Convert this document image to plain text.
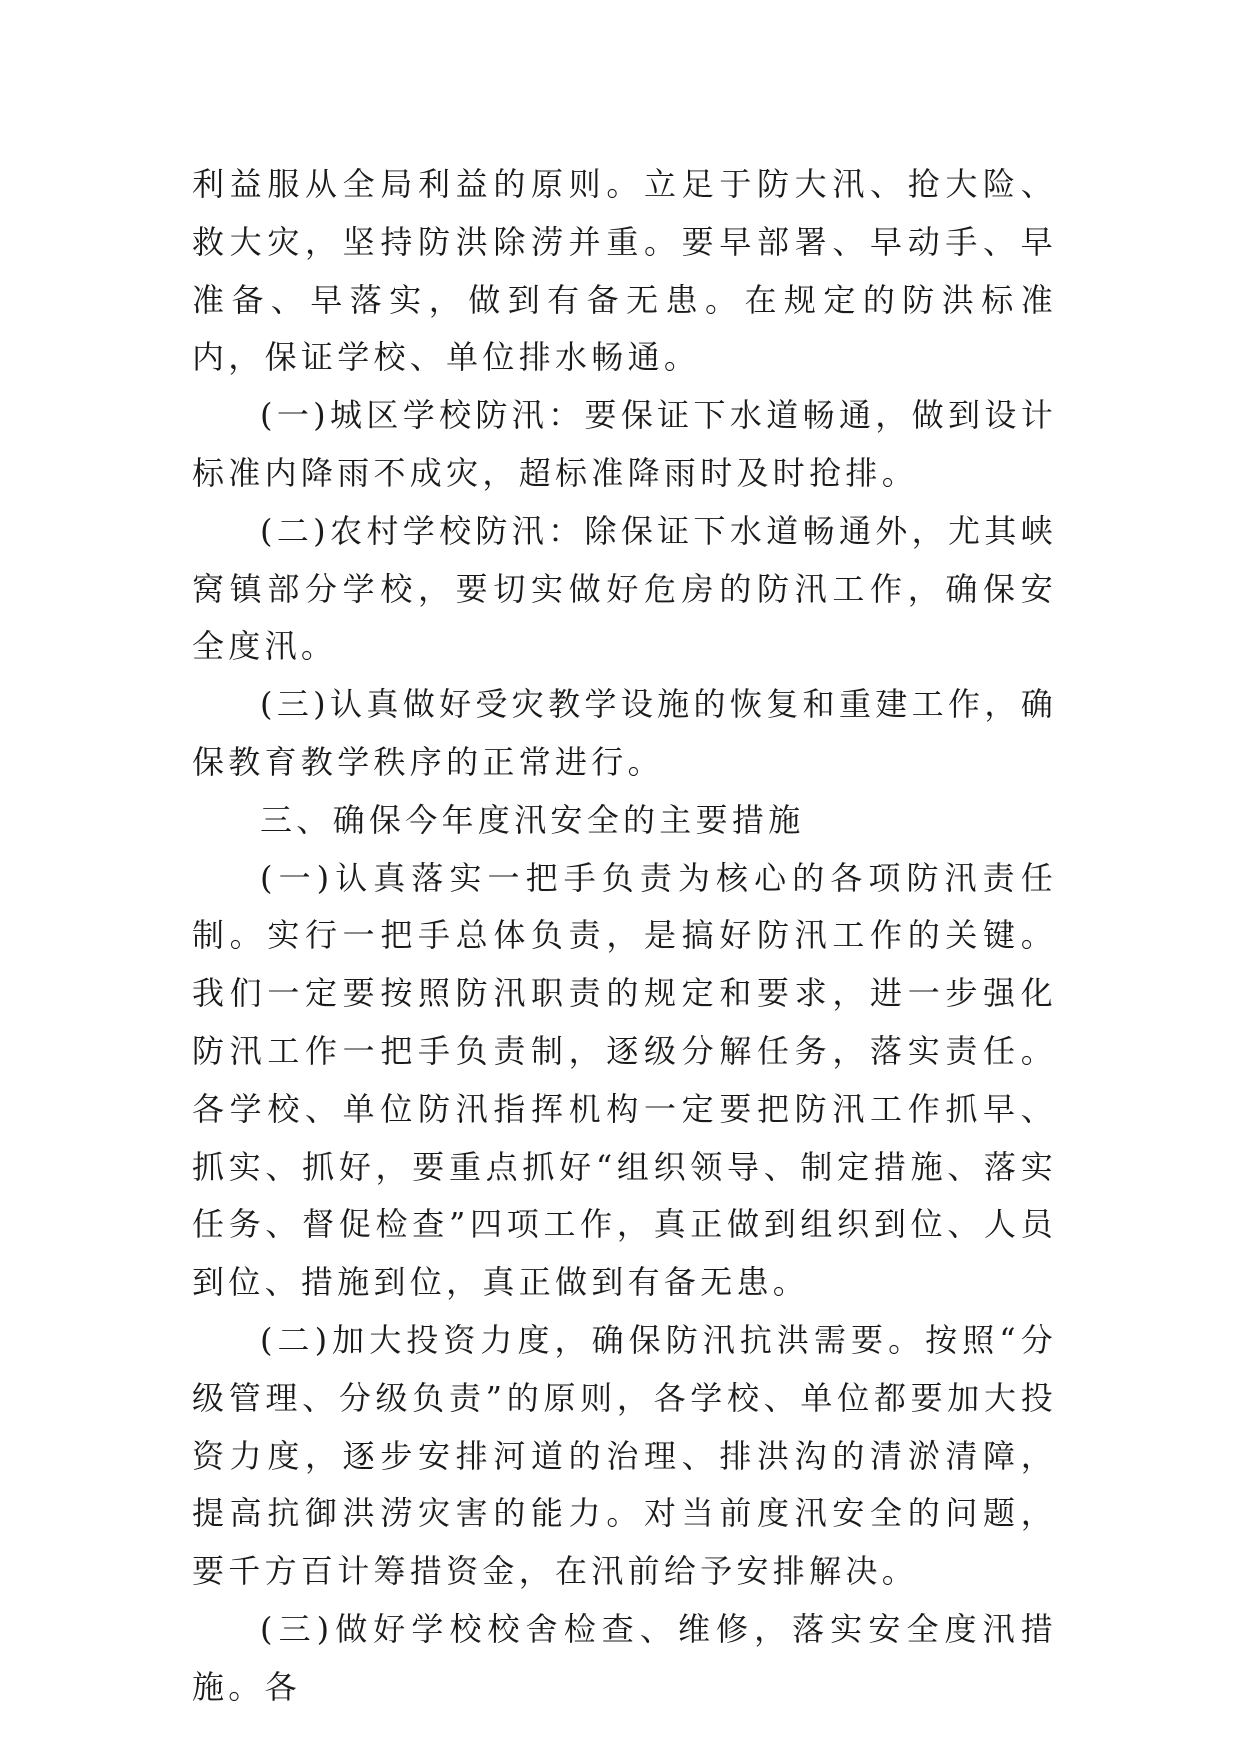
利益服从全局利益的原则。立足于防大汛、抢大险、救大灾，坚持防洪除涝并重。要早部署、早动手、早准备、早落实，做到有备无患。在规定的防洪标准内，保证学校、单位排水畅通。

(一)城区学校防汛：要保证下水道畅通，做到设计标准内降雨不成灾，超标准降雨时及时抢排。

(二)农村学校防汛：除保证下水道畅通外，尤其峡窝镇部分学校，要切实做好危房的防汛工作，确保安全度汛。

(三)认真做好受灾教学设施的恢复和重建工作，确保教育教学秩序的正常进行。

三、确保今年度汛安全的主要措施

(一)认真落实一把手负责为核心的各项防汛责任制。实行一把手总体负责，是搞好防汛工作的关键。我们一定要按照防汛职责的规定和要求，进一步强化防汛工作一把手负责制，逐级分解任务，落实责任。各学校、单位防汛指挥机构一定要把防汛工作抓早、抓实、抓好，要重点抓好“组织领导、制定措施、落实任务、督促检查”四项工作，真正做到组织到位、人员到位、措施到位，真正做到有备无患。

(二)加大投资力度，确保防汛抗洪需要。按照“分级管理、分级负责”的原则，各学校、单位都要加大投资力度，逐步安排河道的治理、排洪沟的清淤清障，提高抗御洪涝灾害的能力。对当前度汛安全的问题，要千方百计筹措资金，在汛前给予安排解决。

(三)做好学校校舍检查、维修，落实安全度汛措施。各
